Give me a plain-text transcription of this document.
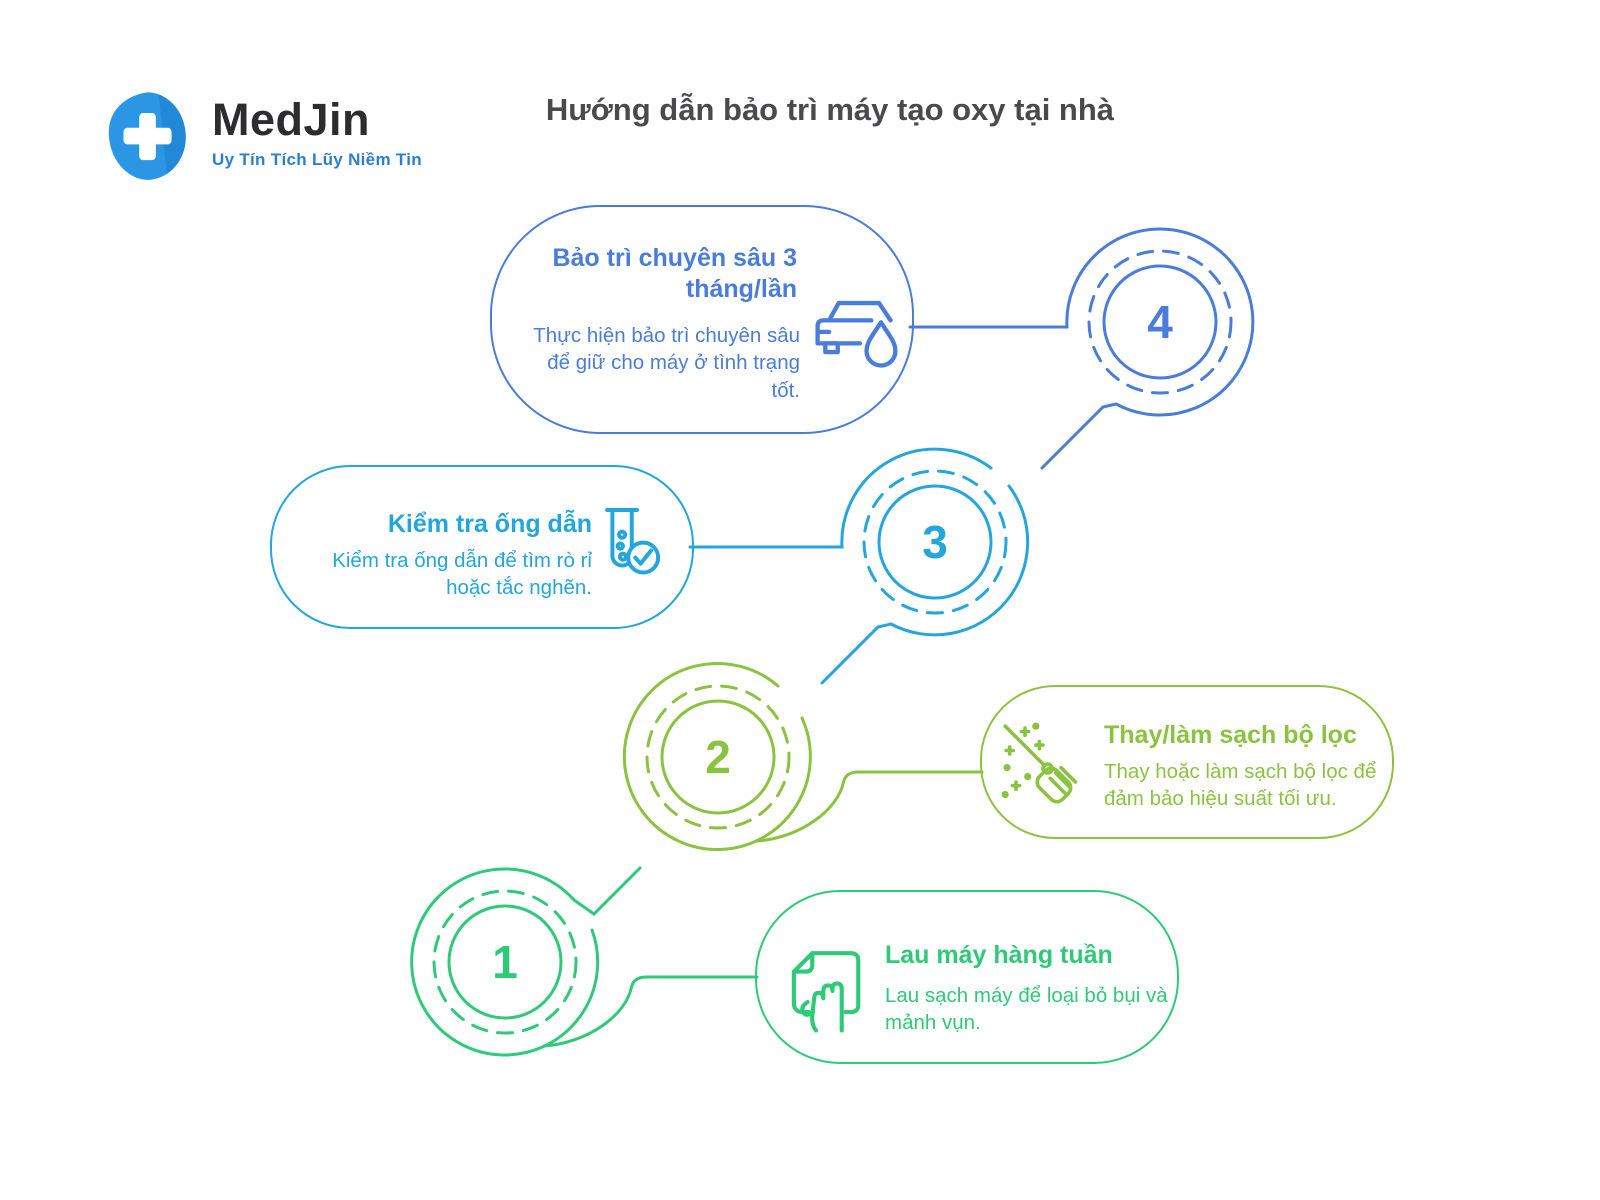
MedJin
Uy Tín Tích Lũy Niềm Tin
Hướng dẫn bảo trì máy tạo oxy tại nhà
4
3
2
1
Bảo trì chuyên sâu 3 tháng/lần
Thực hiện bảo trì chuyên sâu để giữ cho máy ở tình trạng tốt.
Kiểm tra ống dẫn
Kiểm tra ống dẫn để tìm rò rỉ hoặc tắc nghẽn.
Thay/làm sạch bộ lọc
Thay hoặc làm sạch bộ lọc để đảm bảo hiệu suất tối ưu.
Lau máy hàng tuần
Lau sạch máy để loại bỏ bụi và mảnh vụn.
